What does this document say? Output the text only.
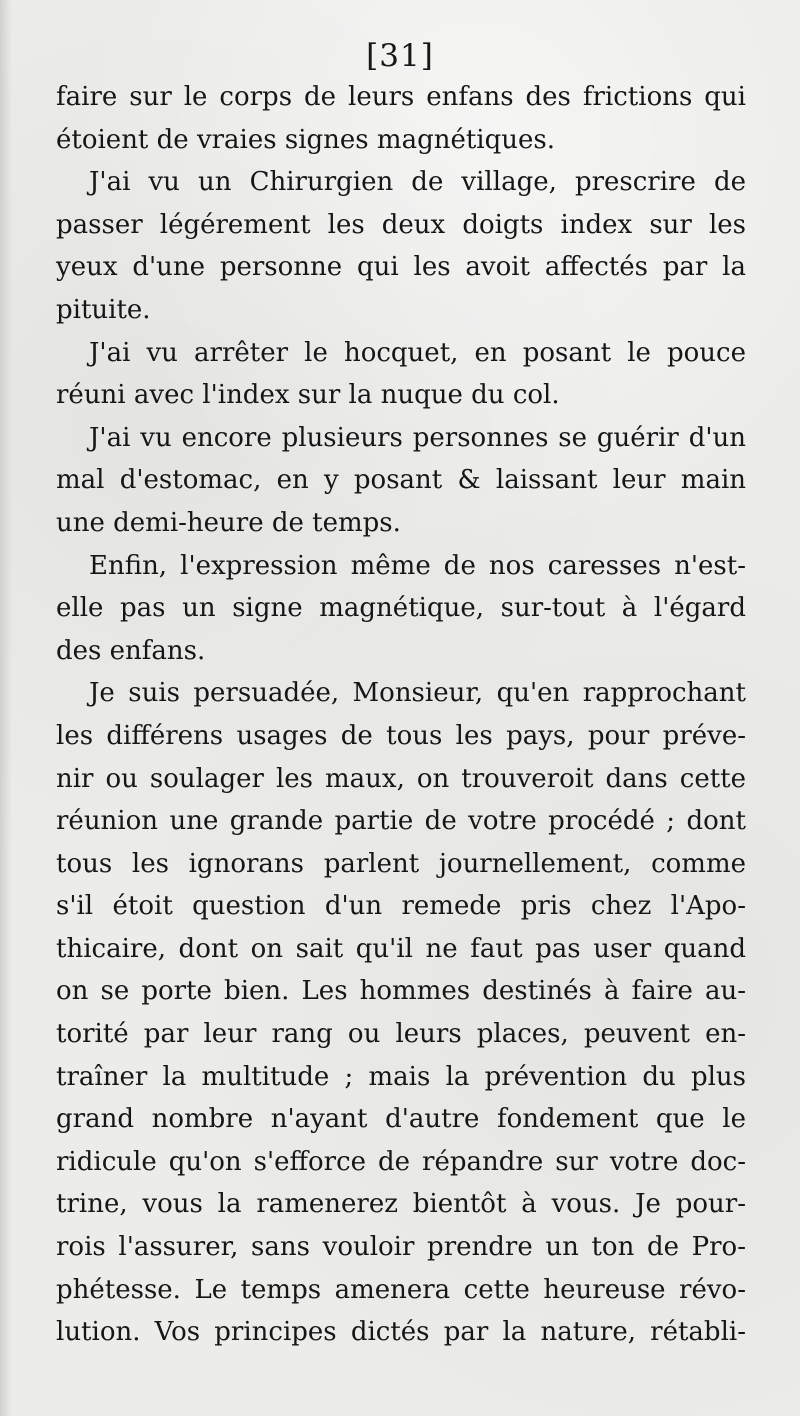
[31]
faire sur le corps de leurs enfans des frictions qui
étoient de vraies signes magnétiques.
J'ai vu un Chirurgien de village, prescrire de
passer légérement les deux doigts index sur les
yeux d'une personne qui les avoit affectés par la
pituite.
J'ai vu arrêter le hocquet, en posant le pouce
réuni avec l'index sur la nuque du col.
J'ai vu encore plusieurs personnes se guérir d'un
mal d'estomac, en y posant & laissant leur main
une demi-heure de temps.
Enfin, l'expression même de nos caresses n'est-
elle pas un signe magnétique, sur-tout à l'égard
des enfans.
Je suis persuadée, Monsieur, qu'en rapprochant
les différens usages de tous les pays, pour préve-
nir ou soulager les maux, on trouveroit dans cette
réunion une grande partie de votre procédé ; dont
tous les ignorans parlent journellement, comme
s'il étoit question d'un remede pris chez l'Apo-
thicaire, dont on sait qu'il ne faut pas user quand
on se porte bien. Les hommes destinés à faire au-
torité par leur rang ou leurs places, peuvent en-
traîner la multitude ; mais la prévention du plus
grand nombre n'ayant d'autre fondement que le
ridicule qu'on s'efforce de répandre sur votre doc-
trine, vous la ramenerez bientôt à vous. Je pour-
rois l'assurer, sans vouloir prendre un ton de Pro-
phétesse. Le temps amenera cette heureuse révo-
lution. Vos principes dictés par la nature, rétabli-
